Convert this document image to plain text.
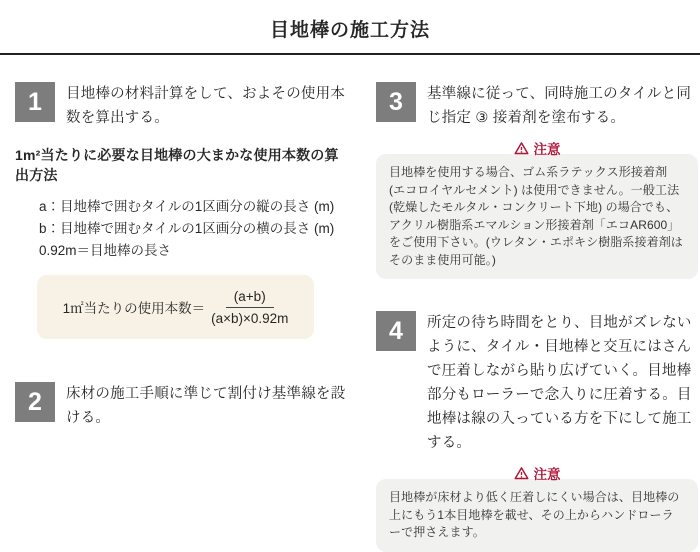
目地棒の施工方法
1	目地棒の材料計算をして、およその使用本数を算出する。

1m²当たりに必要な目地棒の大まかな使用本数の算出方法
a：目地棒で囲むタイルの1区画分の縦の長さ (m)
b：目地棒で囲むタイルの1区画分の横の長さ (m)
0.92m＝目地棒の長さ
1㎡当たりの使用本数＝ $\frac{(a+b)}{(a\times b)\times 0.92m}$
2	床材の施工手順に準じて割付け基準線を設ける。

3	基準線に従って、同時施工のタイルと同じ指定 ③ 接着剤を塗布する。

注意

目地棒を使用する場合、ゴム系ラテックス形接着剤 (エコロイヤルセメント) は使用できません。一般工法 (乾燥したモルタル・コンクリート下地) の場合でも、アクリル樹脂系エマルション形接着剤「エコAR600」をご使用下さい。(ウレタン・エポキシ樹脂系接着剤はそのまま使用可能。)

4	所定の待ち時間をとり、目地がズレないように、タイル・目地棒と交互にはさんで圧着しながら貼り広げていく。目地棒部分もローラーで念入りに圧着する。目地棒は線の入っている方を下にして施工する。

注意

目地棒が床材より低く圧着しにくい場合は、目地棒の上にもう1本目地棒を載せ、その上からハンドローラーで押さえます。
